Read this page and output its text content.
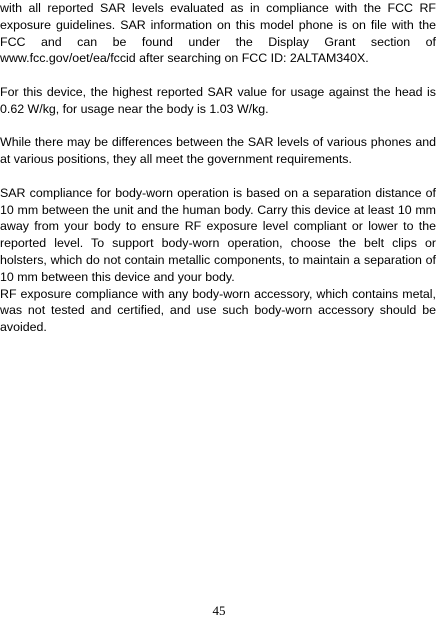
with all reported SAR levels evaluated as in compliance with the FCC RF exposure guidelines. SAR information on this model phone is on file with the FCC and can be found under the Display Grant section of www.fcc.gov/oet/ea/fccid after searching on FCC ID: 2ALTAM340X.

For this device, the highest reported SAR value for usage against the head is 0.62 W/kg, for usage near the body is 1.03 W/kg.

While there may be differences between the SAR levels of various phones and at various positions, they all meet the government requirements.

SAR compliance for body-worn operation is based on a separation distance of 10 mm between the unit and the human body. Carry this device at least 10 mm away from your body to ensure RF exposure level compliant or lower to the reported level. To support body-worn operation, choose the belt clips or holsters, which do not contain metallic components, to maintain a separation of 10 mm between this device and your body.

RF exposure compliance with any body-worn accessory, which contains metal, was not tested and certified, and use such body-worn accessory should be avoided.

45
